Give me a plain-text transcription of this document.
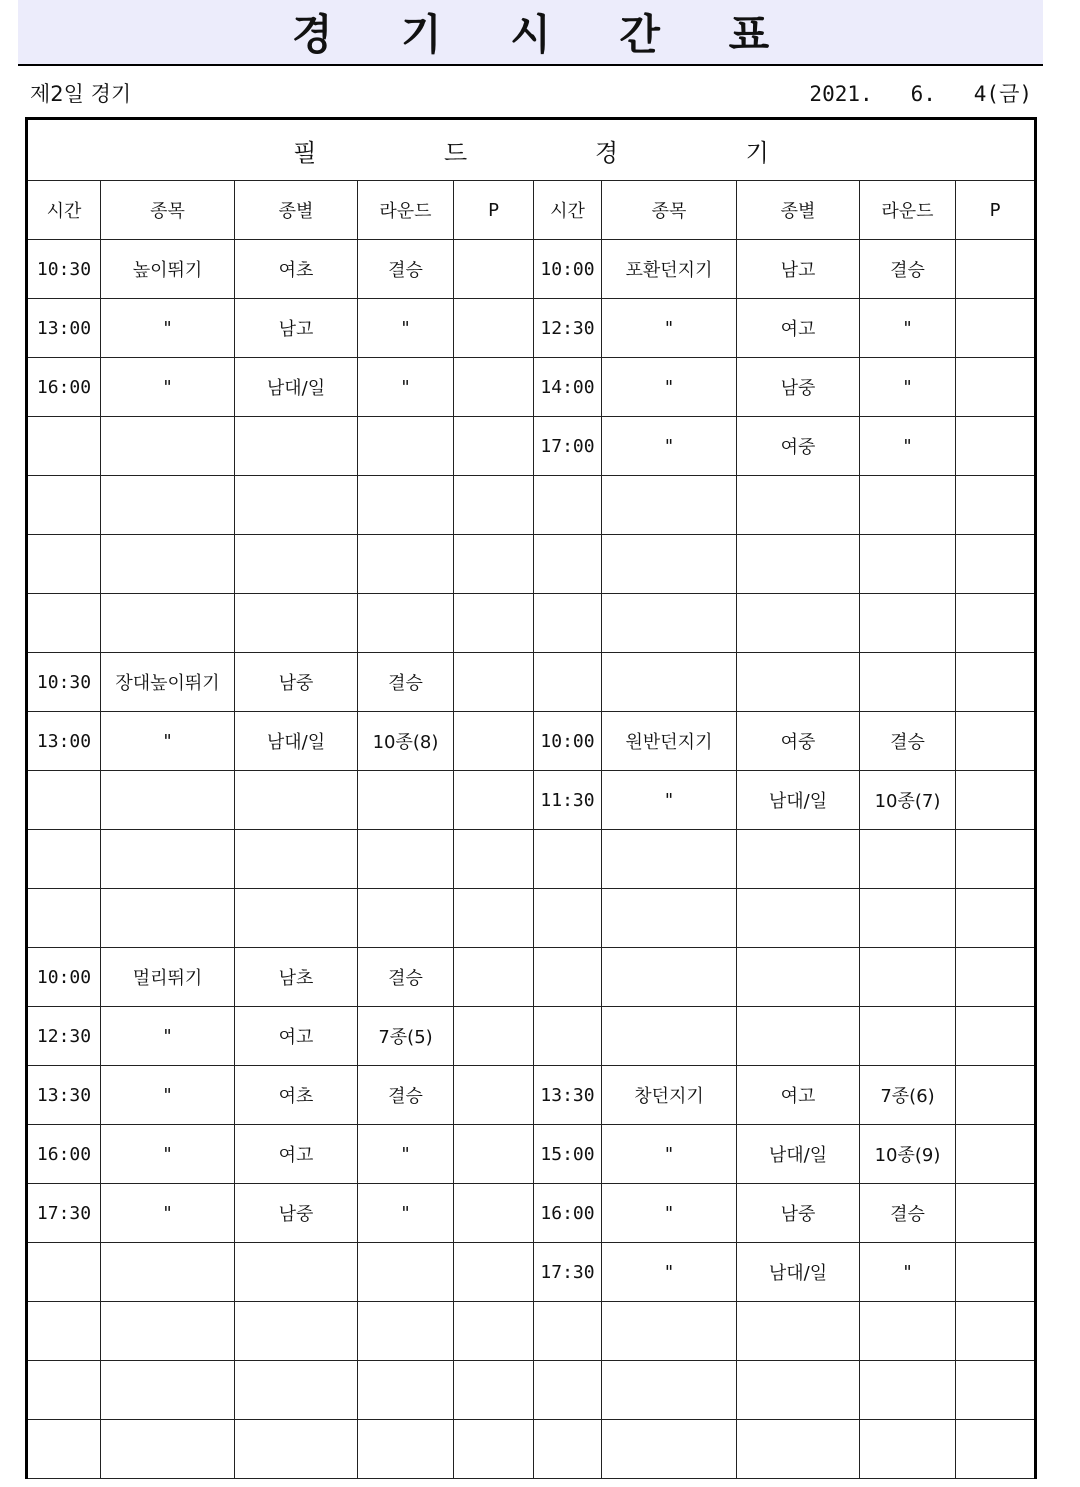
경 기 시 간 표
제2일 경기	2021.   6.   4(금)
필 드 경 기									
시간	종목	종별	라운드	P	시간	종목	종별	라운드	P
10:30	높이뛰기	여초	결승		10:00	포환던지기	남고	결승	
13:00	"	남고	"		12:30	"	여고	"	
16:00	"	남대/일	"		14:00	"	남중	"	
					17:00	"	여중	"	

10:30	장대높이뛰기	남중	결승						
13:00	"	남대/일	10종(8)		10:00	원반던지기	여중	결승	
					11:30	"	남대/일	10종(7)	

10:00	멀리뛰기	남초	결승						
12:30	"	여고	7종(5)						
13:30	"	여초	결승		13:30	창던지기	여고	7종(6)	
16:00	"	여고	"		15:00	"	남대/일	10종(9)	
17:30	"	남중	"		16:00	"	남중	결승	
					17:30	"	남대/일	"	
